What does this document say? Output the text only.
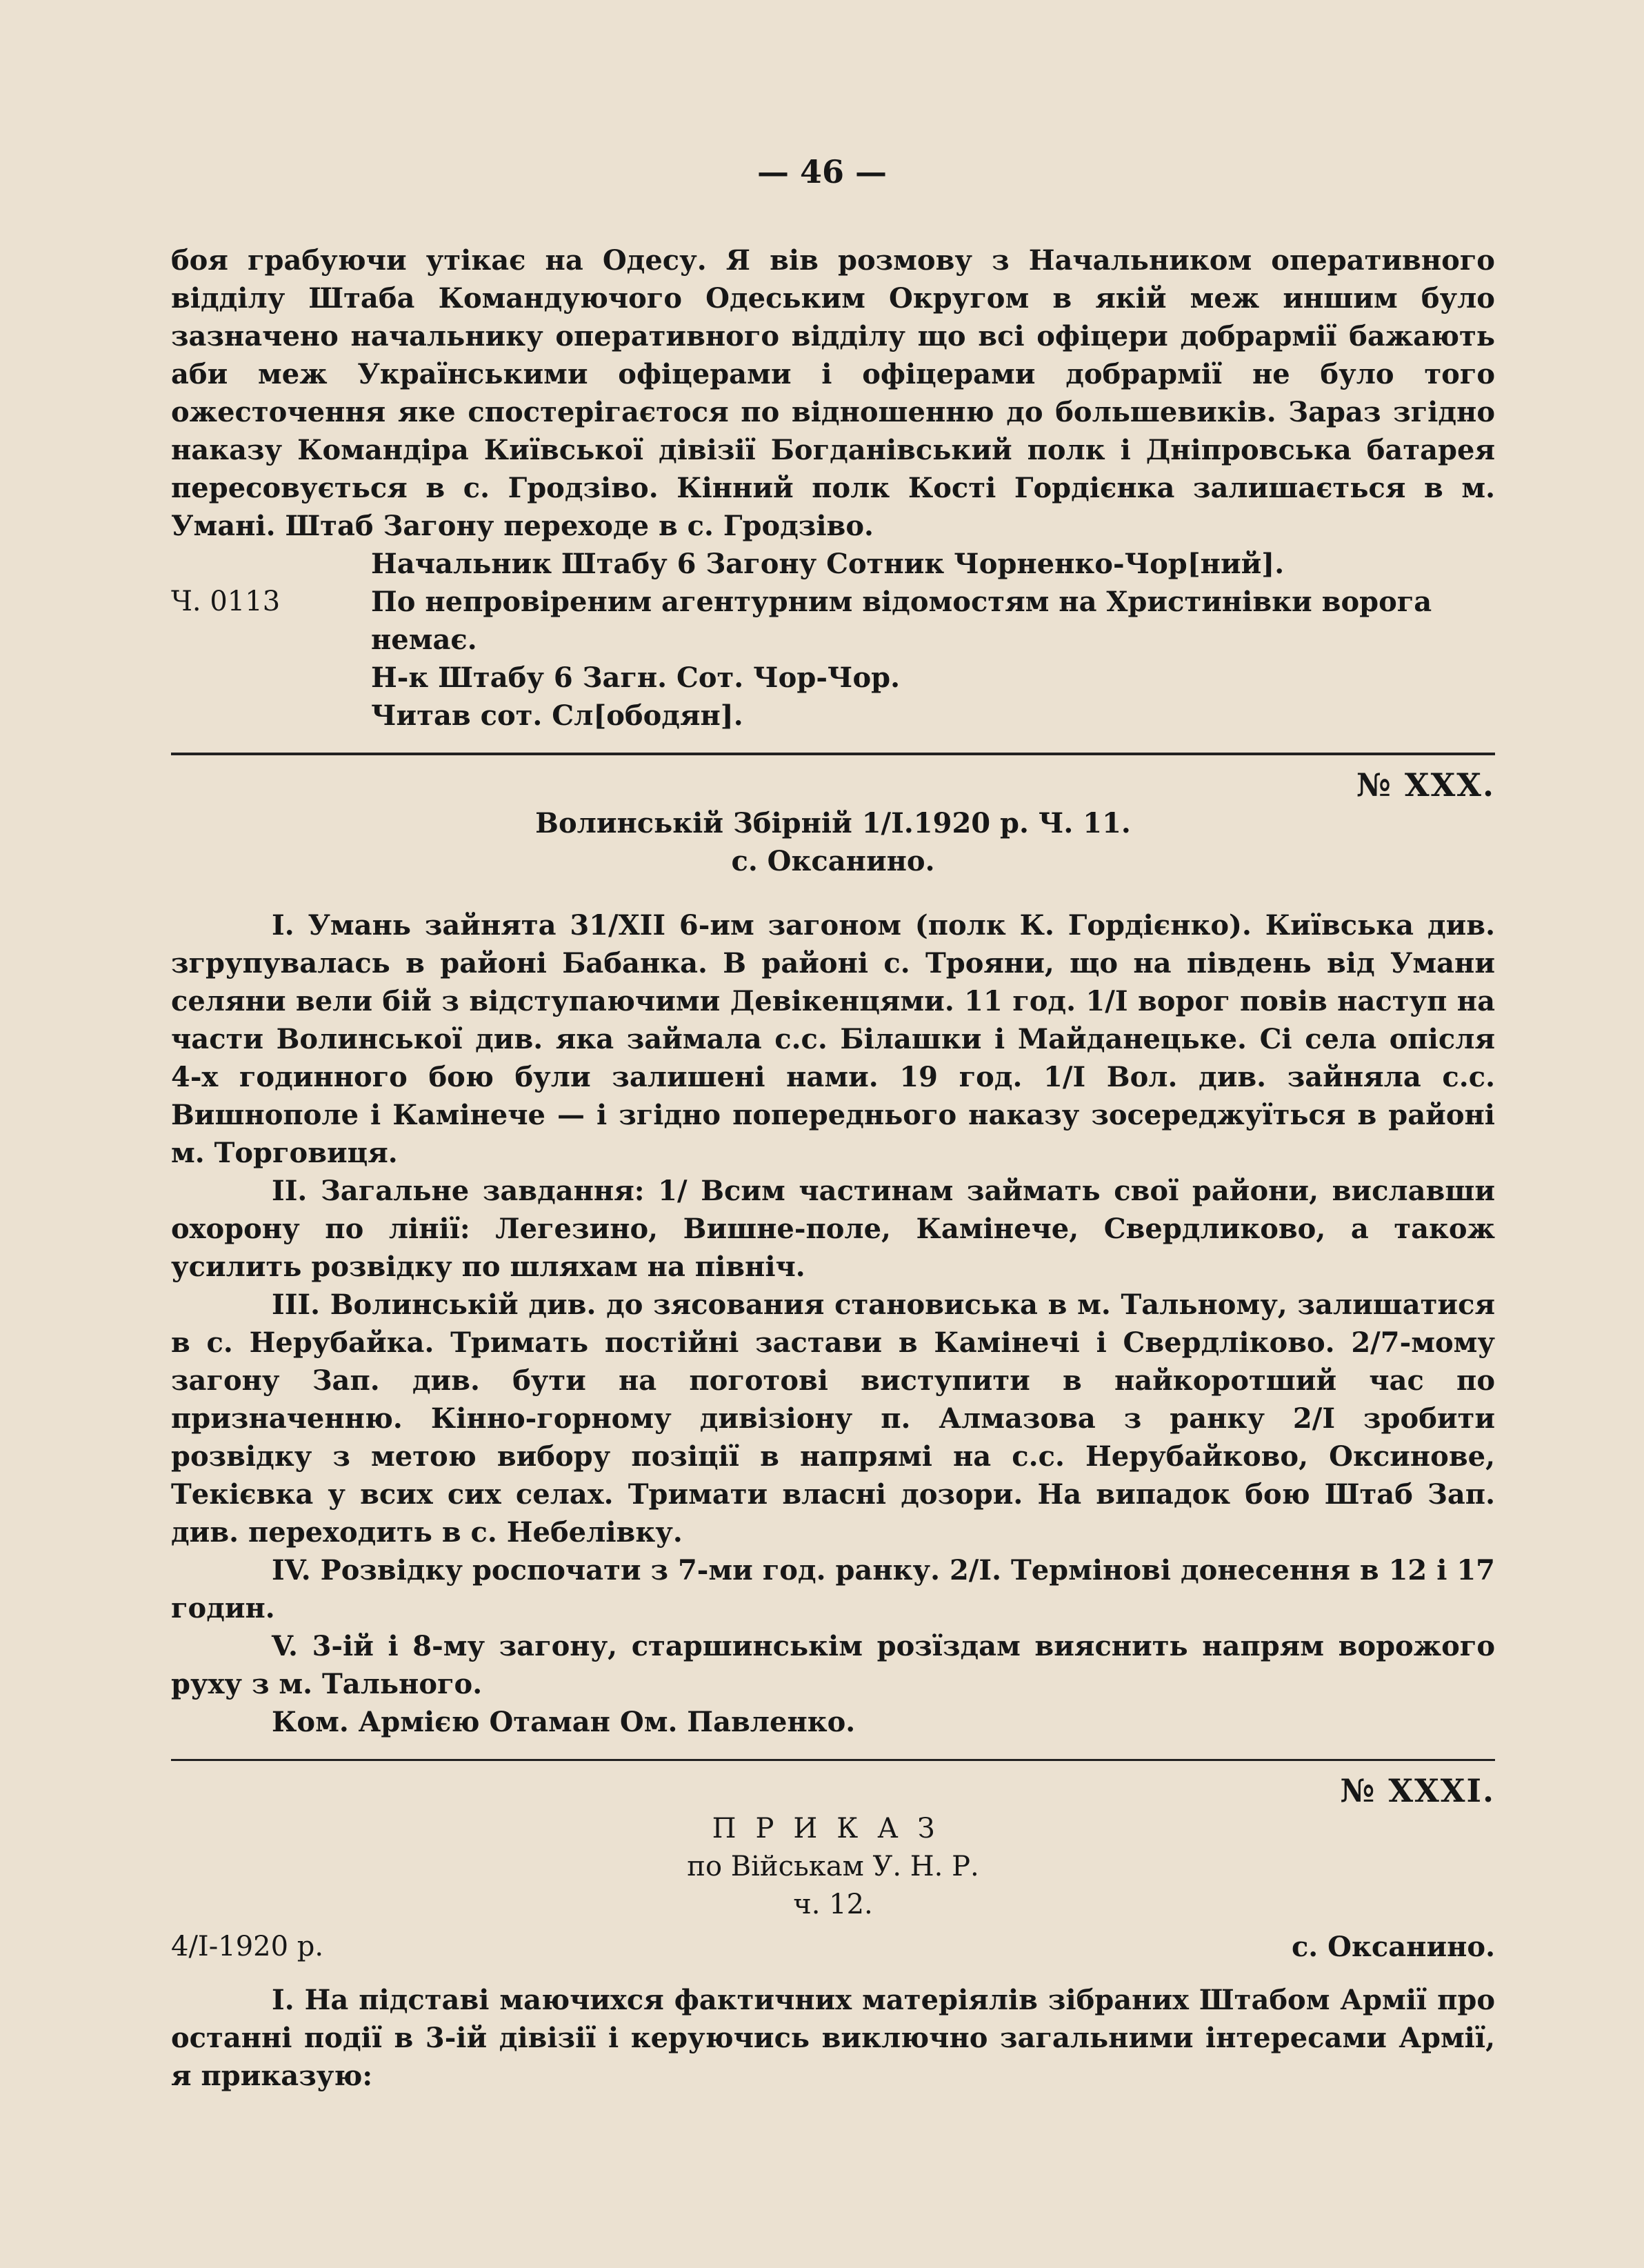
— 46 —

боя грабуючи утікає на Одесу. Я вів розмову з Начальником оперативного відділу Штаба Командуючого Одеським Округом в якій меж иншим було зазначено начальнику оперативного відділу що всі офіцери добрармії бажають аби меж Українськими офіцерами і офіцерами добрармії не було того ожесточення яке спостерігаєтося по відношенню до большевиків. Зараз згідно наказу Командіра Київської дівізії Богданівський полк і Дніпровська батарея пересовується в с. Гродзіво. Кінний полк Кості Гордієнка залишається в м. Умані. Штаб Загону переходе в с. Гродзіво.

Начальник Штабу 6 Загону Сотник Чорненко-Чор[ний].
Ч. 0113	По непровіреним агентурним відомостям на Христинівки ворога немає.
Н-к Штабу 6 Загн. Сот. Чор-Чор.
Читав сот. Сл[ободян].
№ XXX.
Волинській Збірній 1/I.1920 р. Ч. 11.
с. Оксанино.

I. Умань зайнята 31/XII 6-им загоном (полк К. Гордієнко). Київська див. згрупувалась в районі Бабанка. В районі с. Трояни, що на південь від Умани селяни вели бій з відступаючими Девікенцями. 11 год. 1/I ворог повів наступ на части Волинської див. яка займала с.с. Білашки і Майданецьке. Сі села опісля 4-х годинного бою були залишені нами. 19 год. 1/I Вол. див. зайняла с.с. Вишнополе і Камінече — і згідно попереднього наказу зосереджуїться в районі м. Торговиця.

II. Загальне завдання: 1/ Всим частинам займать свої райони, виславши охорону по лінії: Легезино, Вишне-поле, Камінече, Свердликово, а також усилить розвідку по шляхам на північ.

III. Волинській див. до зясования становиська в м. Тальному, залишатися в с. Нерубайка. Тримать постійні застави в Камінечі і Свердліково. 2/7-мому загону Зап. див. бути на поготові виступити в найкоротший час по призначенню. Кінно-горному дивізіону п. Алмазова з ранку 2/I зробити розвідку з метою вибору позіції в напрямі на с.с. Нерубайково, Оксинове, Текієвка у всих сих селах. Тримати власні дозори. На випадок бою Штаб Зап. див. переходить в с. Небелівку.

IV. Розвідку роспочати з 7-ми год. ранку. 2/I. Термінові донесення в 12 і 17 годин.

V. 3-ій і 8-му загону, старшинськім розїздам вияснить напрям ворожого руху з м. Тального.

Ком. Армією Отаман Ом. Павленко.
№ XXXI.
ПРИКАЗ
по Військам У. Н. Р.
ч. 12.
4/I-1920 р.	с. Оксанино.

I. На підставі маючихся фактичних матеріялів зібраних Штабом Армії про останні події в 3-ій дівізії і керуючись виключно загальними інтересами Армії, я приказую:
